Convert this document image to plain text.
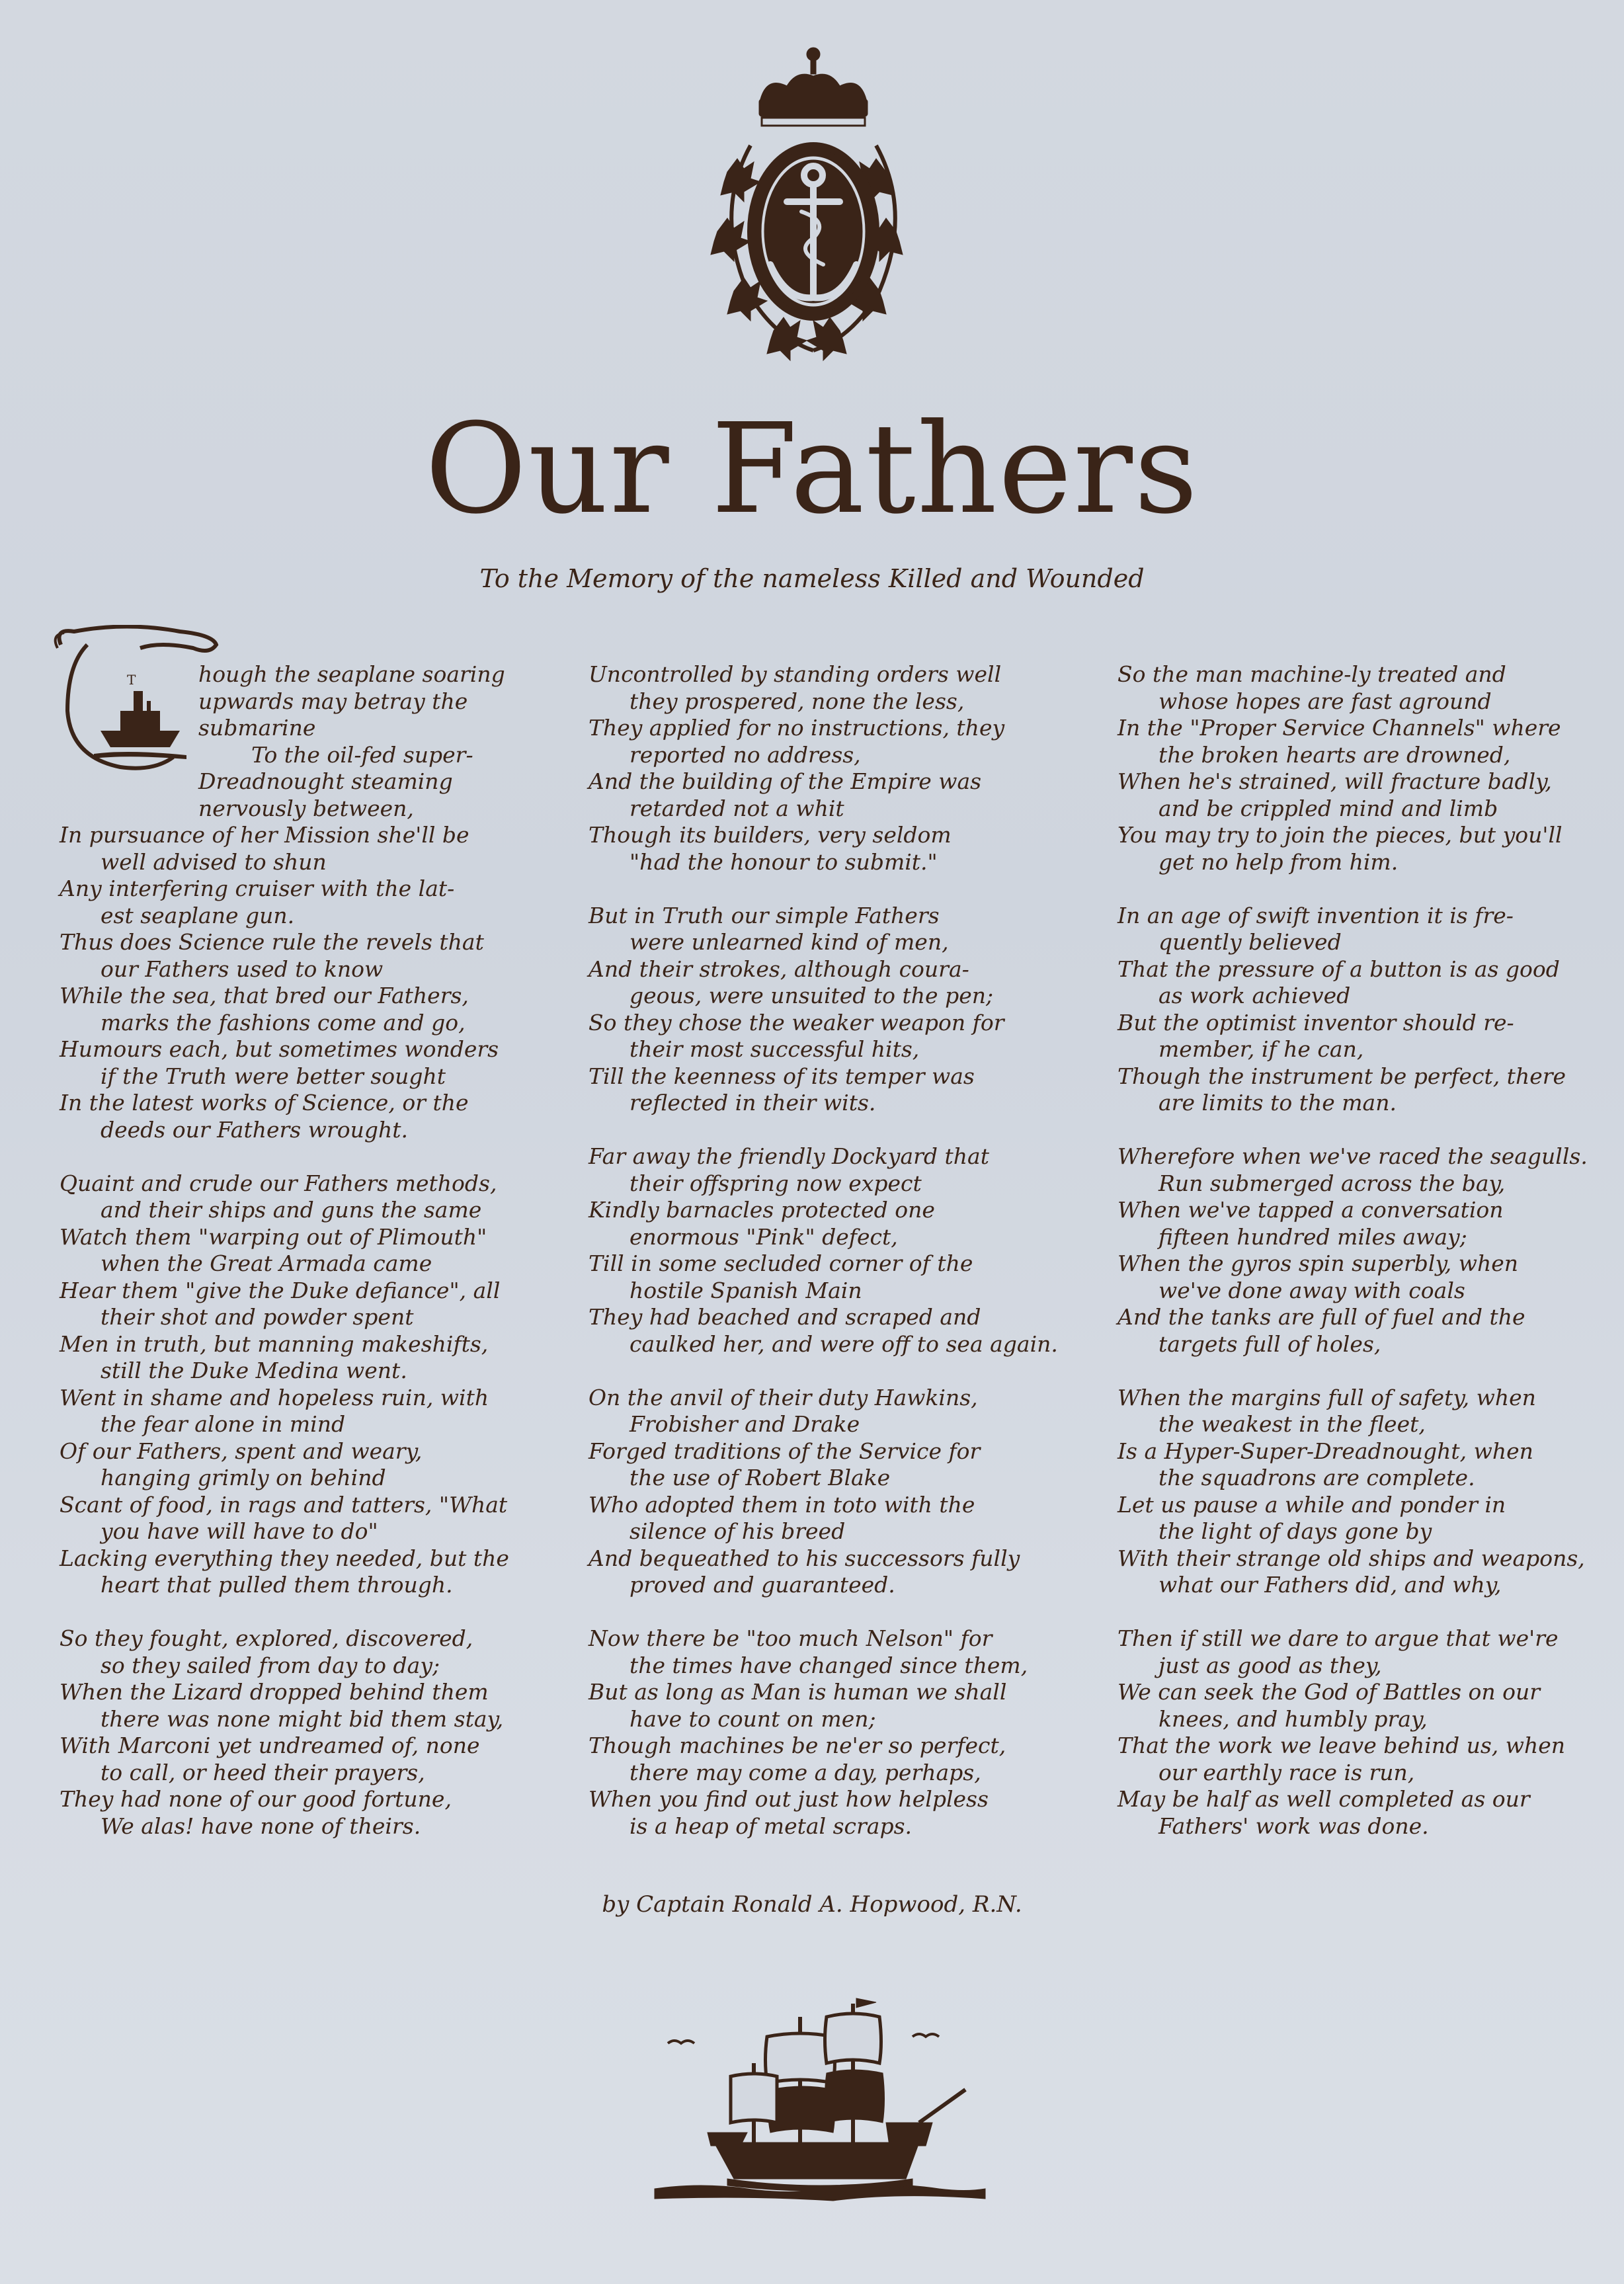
Our Fathers
To the Memory of the nameless Killed and Wounded
T	hough the seaplane soaring
upwards may betray the
submarine
To the oil-fed super-
Dreadnought steaming
nervously between,
In pursuance of her Mission she'll be
well advised to shun
Any interfering cruiser with the lat-
est seaplane gun.
Thus does Science rule the revels that
our Fathers used to know
While the sea, that bred our Fathers,
marks the fashions come and go,
Humours each, but sometimes wonders
if the Truth were better sought
In the latest works of Science, or the
deeds our Fathers wrought.
Quaint and crude our Fathers methods,
and their ships and guns the same
Watch them "warping out of Plimouth"
when the Great Armada came
Hear them "give the Duke defiance", all
their shot and powder spent
Men in truth, but manning makeshifts,
still the Duke Medina went.
Went in shame and hopeless ruin, with
the fear alone in mind
Of our Fathers, spent and weary,
hanging grimly on behind
Scant of food, in rags and tatters, "What
you have will have to do"
Lacking everything they needed, but the
heart that pulled them through.
So they fought, explored, discovered,
so they sailed from day to day;
When the Lizard dropped behind them
there was none might bid them stay,
With Marconi yet undreamed of, none
to call, or heed their prayers,
They had none of our good fortune,
We alas! have none of theirs.
Uncontrolled by standing orders well
they prospered, none the less,
They applied for no instructions, they
reported no address,
And the building of the Empire was
retarded not a whit
Though its builders, very seldom
"had the honour to submit."
But in Truth our simple Fathers
were unlearned kind of men,
And their strokes, although coura-
geous, were unsuited to the pen;
So they chose the weaker weapon for
their most successful hits,
Till the keenness of its temper was
reflected in their wits.
Far away the friendly Dockyard that
their offspring now expect
Kindly barnacles protected one
enormous "Pink" defect,
Till in some secluded corner of the
hostile Spanish Main
They had beached and scraped and
caulked her, and were off to sea again.
On the anvil of their duty Hawkins,
Frobisher and Drake
Forged traditions of the Service for
the use of Robert Blake
Who adopted them in toto with the
silence of his breed
And bequeathed to his successors fully
proved and guaranteed.
Now there be "too much Nelson" for
the times have changed since them,
But as long as Man is human we shall
have to count on men;
Though machines be ne'er so perfect,
there may come a day, perhaps,
When you find out just how helpless
is a heap of metal scraps.
So the man machine-ly treated and
whose hopes are fast aground
In the "Proper Service Channels" where
the broken hearts are drowned,
When he's strained, will fracture badly,
and be crippled mind and limb
You may try to join the pieces, but you'll
get no help from him.
In an age of swift invention it is fre-
quently believed
That the pressure of a button is as good
as work achieved
But the optimist inventor should re-
member, if he can,
Though the instrument be perfect, there
are limits to the man.
Wherefore when we've raced the seagulls.
Run submerged across the bay,
When we've tapped a conversation
fifteen hundred miles away;
When the gyros spin superbly, when
we've done away with coals
And the tanks are full of fuel and the
targets full of holes,
When the margins full of safety, when
the weakest in the fleet,
Is a Hyper-Super-Dreadnought, when
the squadrons are complete.
Let us pause a while and ponder in
the light of days gone by
With their strange old ships and weapons,
what our Fathers did, and why,
Then if still we dare to argue that we're
just as good as they,
We can seek the God of Battles on our
knees, and humbly pray,
That the work we leave behind us, when
our earthly race is run,
May be half as well completed as our
Fathers' work was done.
by Captain Ronald A. Hopwood, R.N.
